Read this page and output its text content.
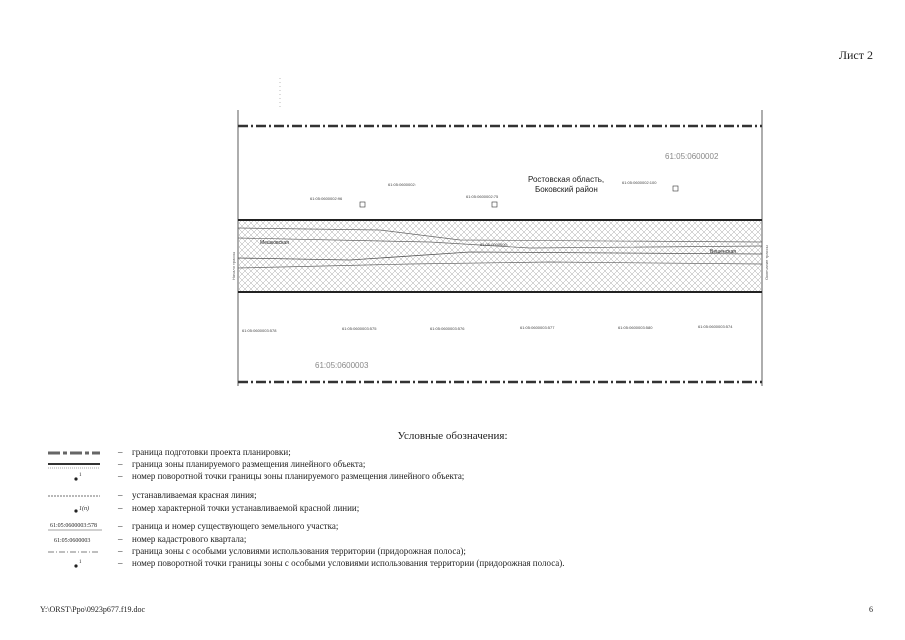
Лист 2
61:05:0600002
61:05:0600003
Ростовская область,
Боковский район
Мешковская
Вешенская
Начало трассы	Окончание трассы
61:05:0600002:96
61:05:0600002:
61:05:0600002:75
61:05:0600002:100
61:05:0000000:
61:05:0600003:578	61:05:0600003:575	61:05:0600003:576	61:05:0600003:577	61:05:0600003:580	61:05:0600003:574
Условные обозначения:
– граница подготовки проекта планировки;
– граница зоны планируемого размещения линейного объекта;
1	– номер поворотной точки границы зоны планируемого размещения линейного объекта;
– устанавливаемая красная линия;
1(n)	– номер характерной точки устанавливаемой красной линии;
61:05:0600003:578 – граница и номер существующего земельного участка;
61:05:0600003	– номер кадастрового квартала;
– граница зоны с особыми условиями использования территории (придорожная полоса);
1	– номер поворотной точки границы зоны с особыми условиями использования территории (придорожная полоса).
Y:\ORST\Ppo\0923p677.f19.doc	6
